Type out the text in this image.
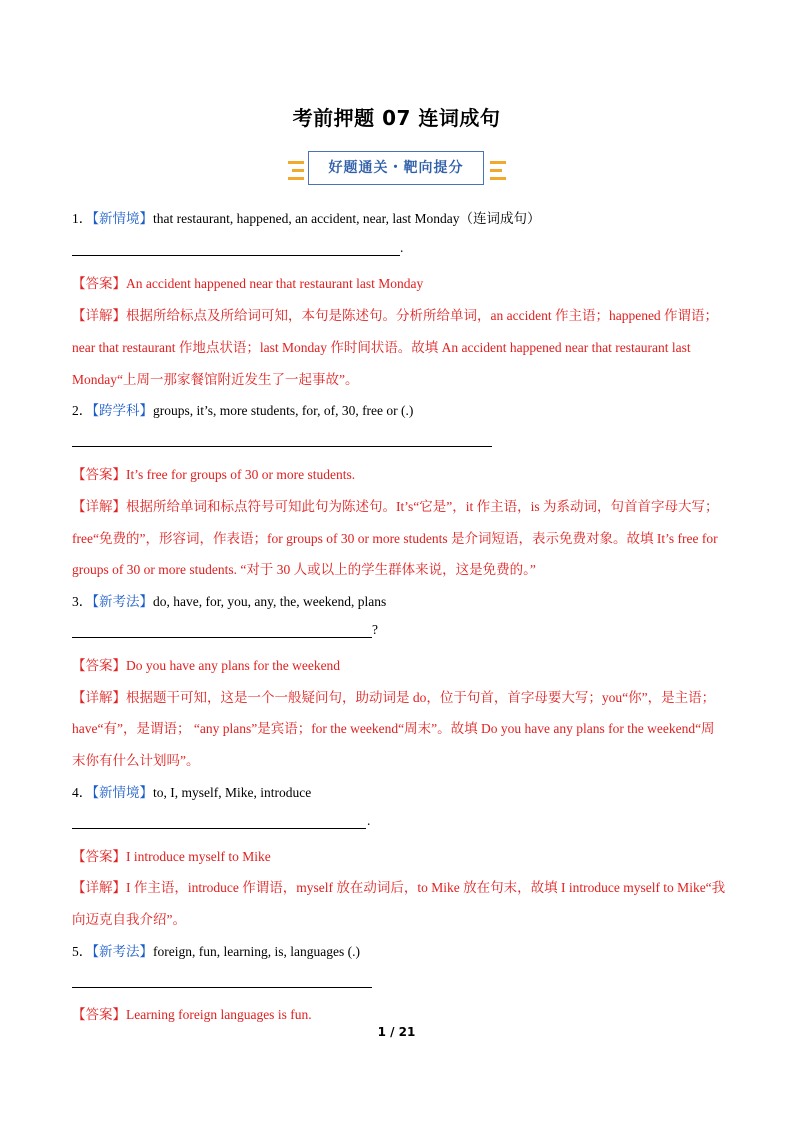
考前押题 07 连词成句
好题通关・靶向提分
1．【新情境】that restaurant, happened, an accident, near, last Monday（连词成句）
.
【答案】An accident happened near that restaurant last Monday
【详解】根据所给标点及所给词可知，本句是陈述句。分析所给单词，an accident 作主语；happened 作谓语；
near that restaurant 作地点状语；last Monday 作时间状语。故填 An accident happened near that restaurant last
Monday“上周一那家餐馆附近发生了一起事故”。
2．【跨学科】groups, it’s, more students, for, of, 30, free or (.)
【答案】It’s free for groups of 30 or more students.
【详解】根据所给单词和标点符号可知此句为陈述句。It’s“它是”，it 作主语，is 为系动词，句首首字母大写；
free“免费的”，形容词，作表语；for groups of 30 or more students 是介词短语，表示免费对象。故填 It’s free for
groups of 30 or more students. “对于 30 人或以上的学生群体来说，这是免费的。”
3．【新考法】do, have, for, you, any, the, weekend, plans
?
【答案】Do you have any plans for the weekend
【详解】根据题干可知，这是一个一般疑问句，助动词是 do，位于句首，首字母要大写；you“你”，是主语；
have“有”，是谓语； “any plans”是宾语；for the weekend“周末”。故填 Do you have any plans for the weekend“周
末你有什么计划吗”。
4．【新情境】to, I, myself, Mike, introduce
.
【答案】I introduce myself to Mike
【详解】I 作主语，introduce 作谓语，myself 放在动词后，to Mike 放在句末，故填 I introduce myself to Mike“我
向迈克自我介绍”。
5．【新考法】foreign, fun, learning, is, languages (.)
【答案】Learning foreign languages is fun.
1 / 21
